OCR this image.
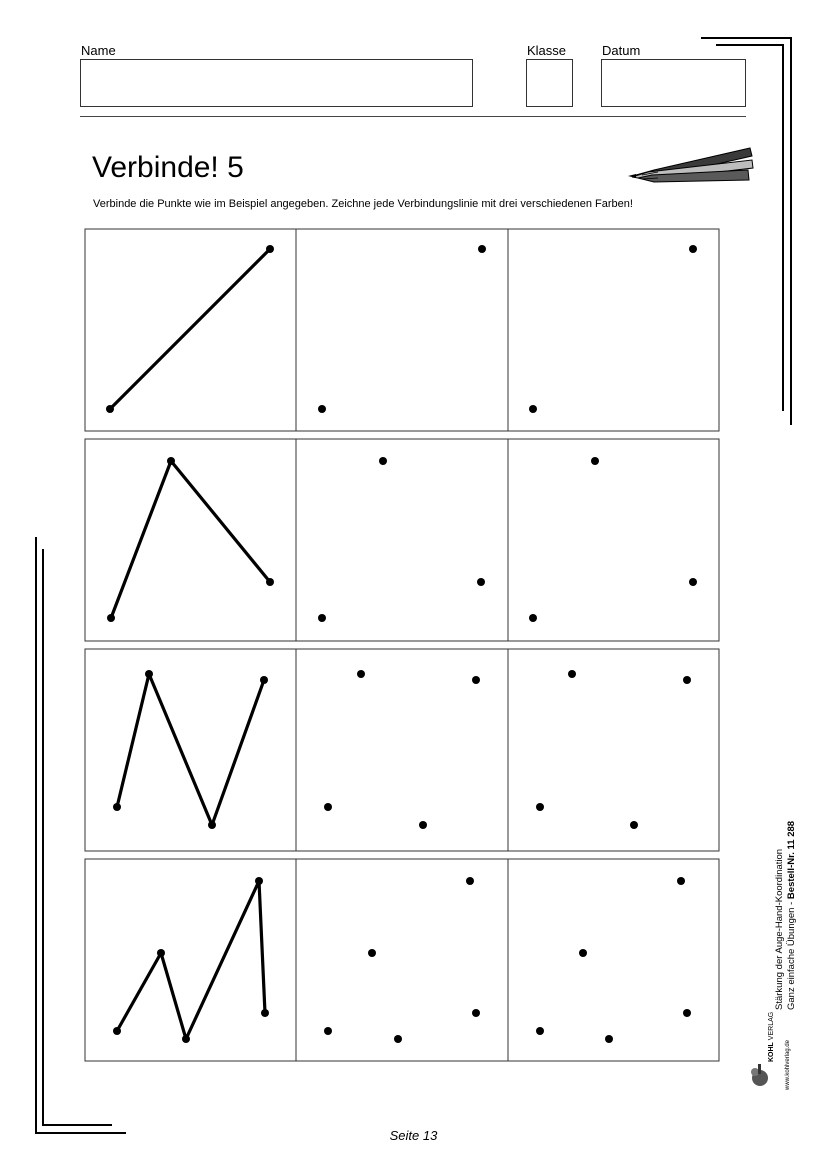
Name	Klasse	Datum
Verbinde! 5
Verbinde die Punkte wie im Beispiel angegeben. Zeichne jede Verbindungslinie mit drei verschiedenen Farben!
Stärkung der Auge-Hand-Koordination Ganz einfache Übungen - Bestell-Nr. 11 288
KOHL VERLAG
www.kohlverlag.de
Seite 13
